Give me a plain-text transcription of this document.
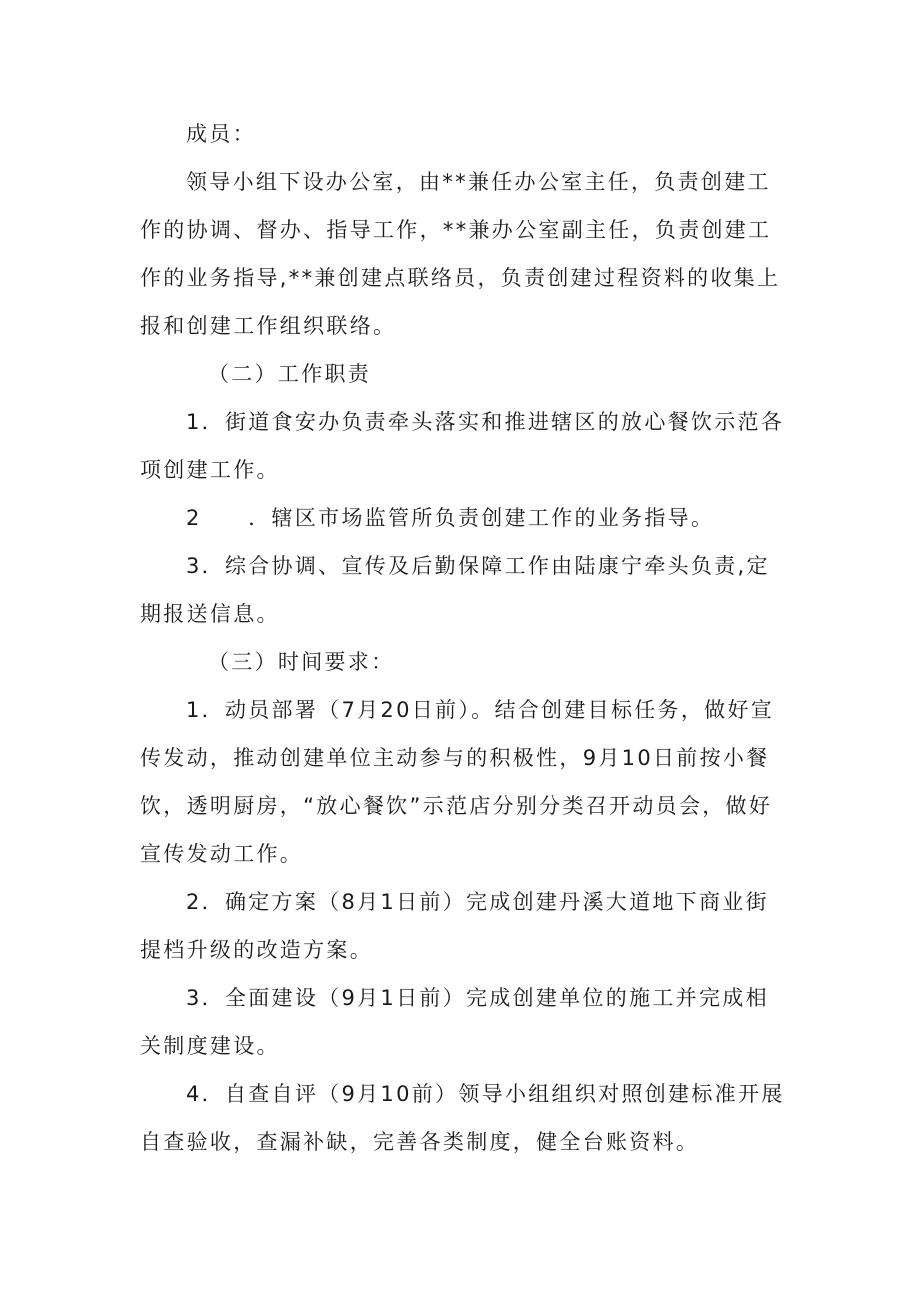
成员：

领导小组下设办公室，由**兼任办公室主任，负责创建工作的协调、督办、指导工作，**兼办公室副主任，负责创建工作的业务指导,**兼创建点联络员，负责创建过程资料的收集上报和创建工作组织联络。

（二）工作职责

1．街道食安办负责牵头落实和推进辖区的放心餐饮示范各项创建工作。

2　　．辖区市场监管所负责创建工作的业务指导。

3．综合协调、宣传及后勤保障工作由陆康宁牵头负责,定期报送信息。

（三）时间要求：

1．动员部署（7月20日前）。结合创建目标任务，做好宣传发动，推动创建单位主动参与的积极性，9月10日前按小餐饮，透明厨房，“放心餐饮”示范店分别分类召开动员会，做好宣传发动工作。

2．确定方案（8月1日前）完成创建丹溪大道地下商业街提档升级的改造方案。

3．全面建设（9月1日前）完成创建单位的施工并完成相关制度建设。

4．自查自评（9月10前）领导小组组织对照创建标准开展自查验收，查漏补缺，完善各类制度，健全台账资料。
